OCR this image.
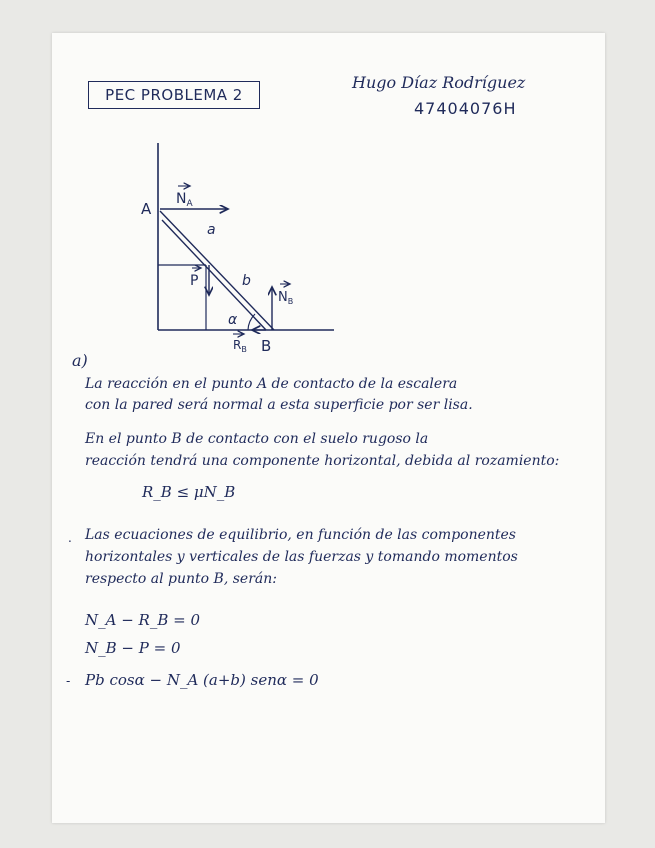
PEC PROBLEMA 2

Hugo Díaz Rodríguez

47404076H

A
B
$N_A$
$N_B$
$R_B$
P
a
b
α

a)

La reacción en el punto A de contacto de la escalera

con la pared será normal a esta superficie por ser lisa.

En el punto B de contacto con el suelo rugoso la

reacción tendrá una componente horizontal, debida al rozamiento:

R_B ≤ μN_B

. Las ecuaciones de equilibrio, en función de las componentes

horizontales y verticales de las fuerzas y tomando momentos

respecto al punto B, serán:

N_A − R_B = 0

N_B − P = 0

- Pb cosα − N_A (a+b) senα = 0
